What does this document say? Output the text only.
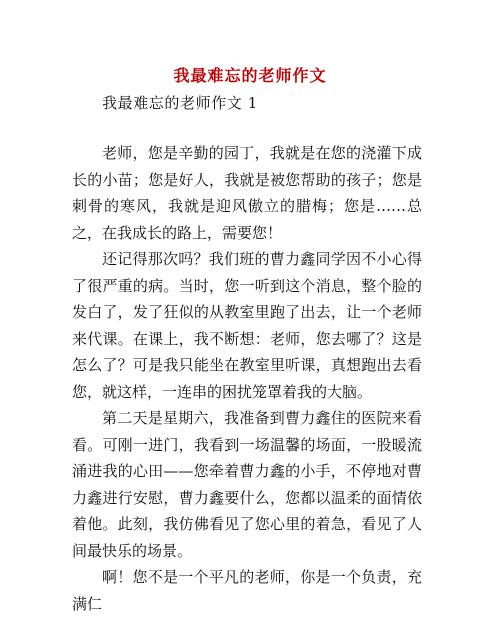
我最难忘的老师作文
我最难忘的老师作文 1

老师，您是辛勤的园丁，我就是在您的浇灌下成长的小苗；您是好人，我就是被您帮助的孩子；您是刺骨的寒风，我就是迎风傲立的腊梅；您是……总之，在我成长的路上，需要您！

还记得那次吗？我们班的曹力鑫同学因不小心得了很严重的病。当时，您一听到这个消息，整个脸的发白了，发了狂似的从教室里跑了出去，让一个老师来代课。在课上，我不断想：老师，您去哪了？这是怎么了？可是我只能坐在教室里听课，真想跑出去看您，就这样，一连串的困扰笼罩着我的大脑。

第二天是星期六，我准备到曹力鑫住的医院来看看。可刚一进门，我看到一场温馨的场面，一股暖流涌进我的心田——您牵着曹力鑫的小手，不停地对曹力鑫进行安慰，曹力鑫要什么，您都以温柔的面情依着他。此刻，我仿佛看见了您心里的着急，看见了人间最快乐的场景。

啊！您不是一个平凡的老师，你是一个负责，充满仁
